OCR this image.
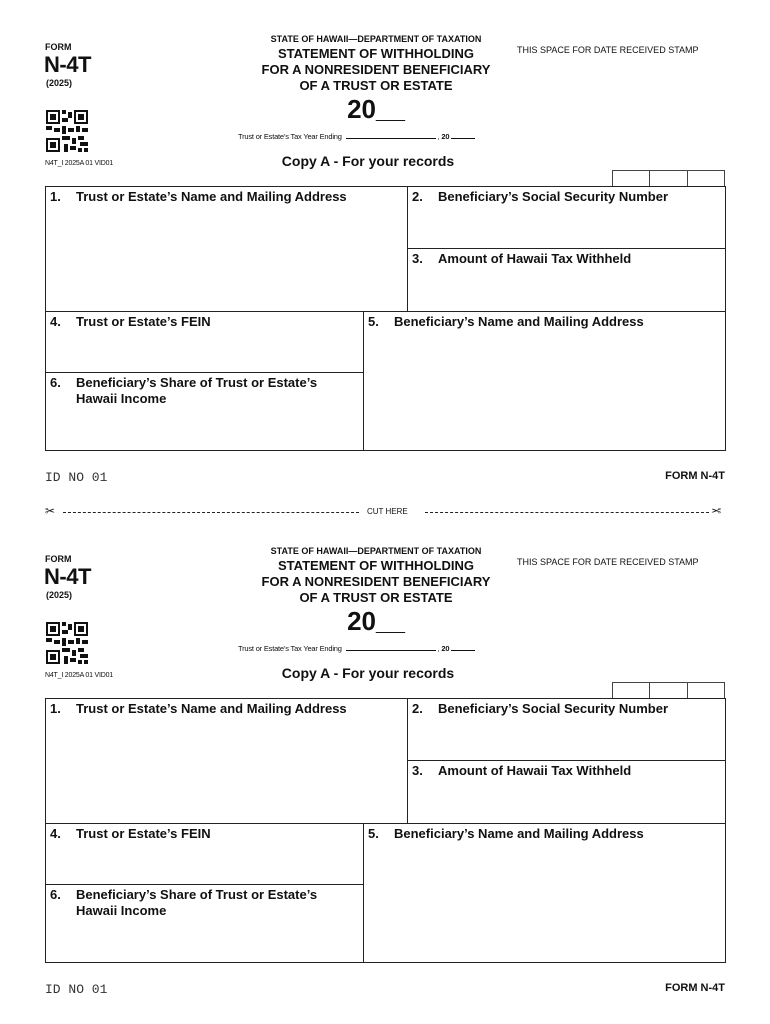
FORM
N-4T
(2025)
N4T_I 2025A 01 VID01
STATE OF HAWAII—DEPARTMENT OF TAXATION
STATEMENT OF WITHHOLDING
FOR A NONRESIDENT BENEFICIARY
OF A TRUST OR ESTATE
20__
Trust or Estate’s Tax Year Ending	, 20
THIS SPACE FOR DATE RECEIVED STAMP
Copy A - For your records
1. Trust or Estate’s Name and Mailing Address	2. Beneficiary’s Social Security Number
3. Amount of Hawaii Tax Withheld
4. Trust or Estate’s FEIN	5. Beneficiary’s Name and Mailing Address
6. Beneficiary’s Share of Trust or Estate’s Hawaii Income
ID NO 01	FORM N-4T
✂	CUT HERE	✂
FORM
N-4T
(2025)
N4T_I 2025A 01 VID01
STATE OF HAWAII—DEPARTMENT OF TAXATION
STATEMENT OF WITHHOLDING
FOR A NONRESIDENT BENEFICIARY
OF A TRUST OR ESTATE
20__
Trust or Estate’s Tax Year Ending	, 20
THIS SPACE FOR DATE RECEIVED STAMP
Copy A - For your records
1. Trust or Estate’s Name and Mailing Address	2. Beneficiary’s Social Security Number
3. Amount of Hawaii Tax Withheld
4. Trust or Estate’s FEIN	5. Beneficiary’s Name and Mailing Address
6. Beneficiary’s Share of Trust or Estate’s Hawaii Income
ID NO 01	FORM N-4T
